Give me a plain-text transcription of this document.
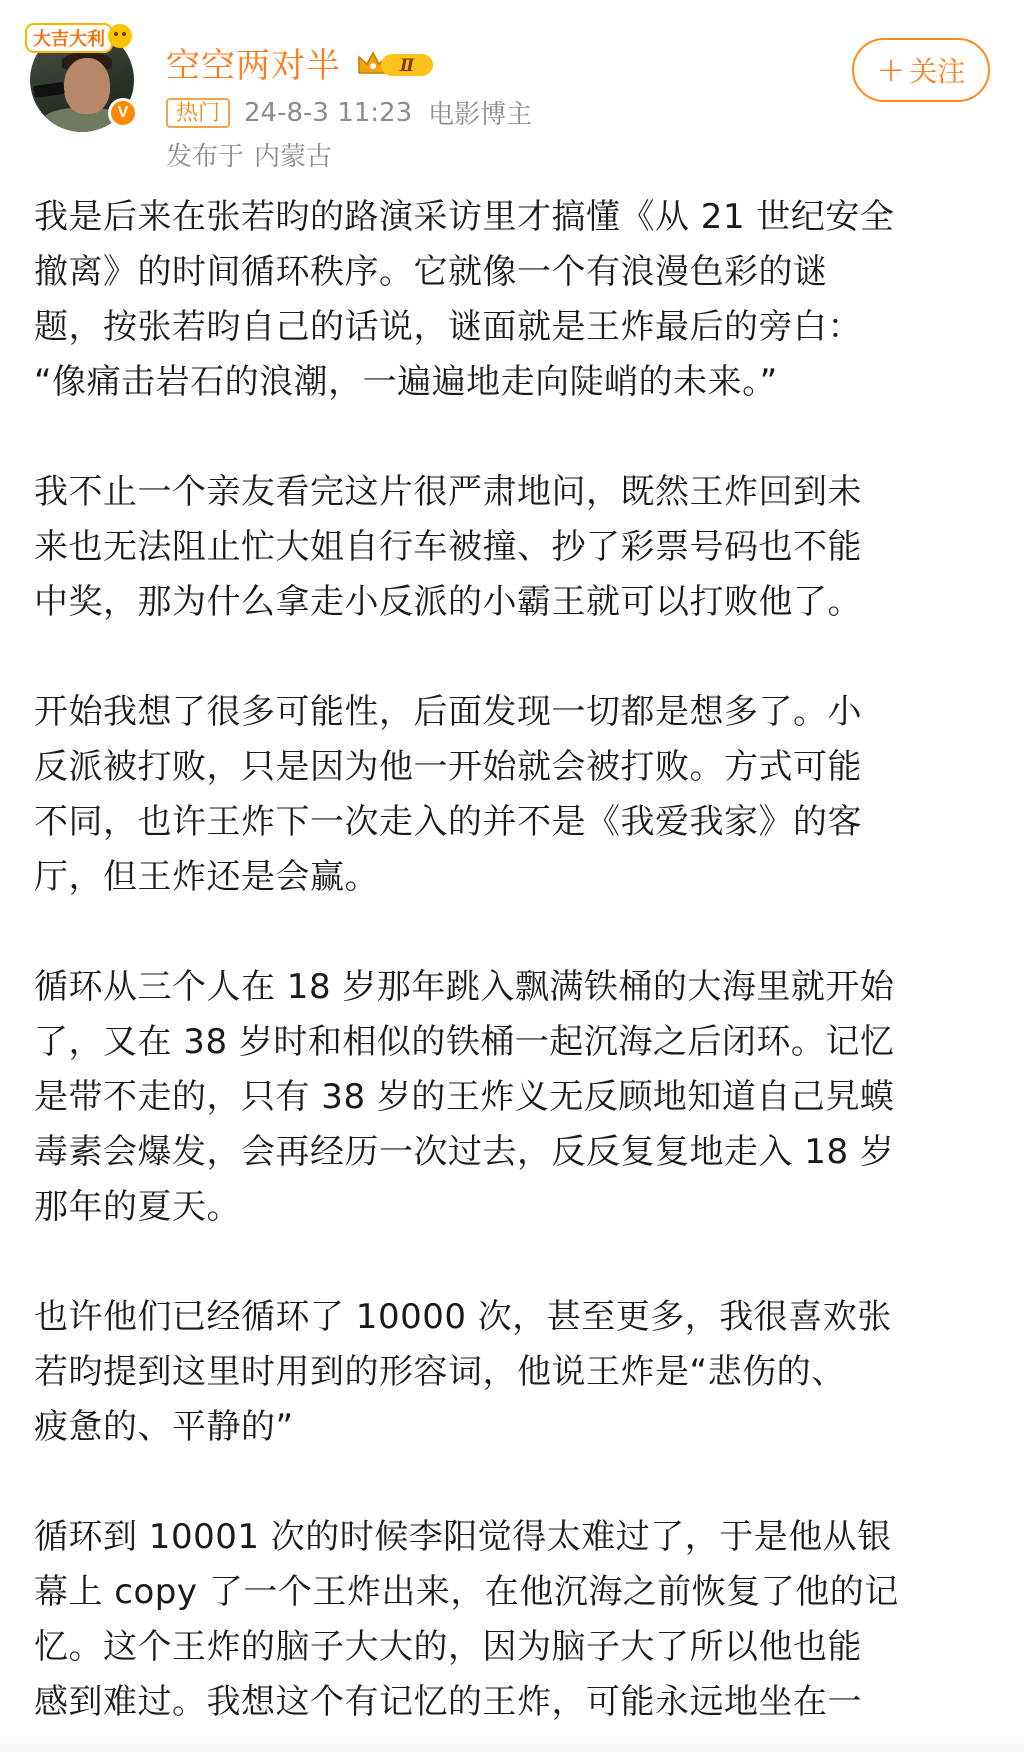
大吉大利
V
空空两对半	Ⅱ
热门 24-8-3 11:23 电影博主
发布于 内蒙古
+ 关注

我是后来在张若昀的路演采访里才搞懂《从 21 世纪安全
撤离》的时间循环秩序。它就像一个有浪漫色彩的谜
题，按张若昀自己的话说，谜面就是王炸最后的旁白：
“像痛击岩石的浪潮，一遍遍地走向陡峭的未来。”

我不止一个亲友看完这片很严肃地问，既然王炸回到未
来也无法阻止忙大姐自行车被撞、抄了彩票号码也不能
中奖，那为什么拿走小反派的小霸王就可以打败他了。

开始我想了很多可能性，后面发现一切都是想多了。小
反派被打败，只是因为他一开始就会被打败。方式可能
不同，也许王炸下一次走入的并不是《我爱我家》的客
厅，但王炸还是会赢。

循环从三个人在 18 岁那年跳入飘满铁桶的大海里就开始
了，又在 38 岁时和相似的铁桶一起沉海之后闭环。记忆
是带不走的，只有 38 岁的王炸义无反顾地知道自己旯蟆
毒素会爆发，会再经历一次过去，反反复复地走入 18 岁
那年的夏天。

也许他们已经循环了 10000 次，甚至更多，我很喜欢张
若昀提到这里时用到的形容词，他说王炸是“悲伤的、
疲惫的、平静的”

循环到 10001 次的时候李阳觉得太难过了，于是他从银
幕上 copy 了一个王炸出来，在他沉海之前恢复了他的记
忆。这个王炸的脑子大大的，因为脑子大了所以他也能
感到难过。我想这个有记忆的王炸，可能永远地坐在一
